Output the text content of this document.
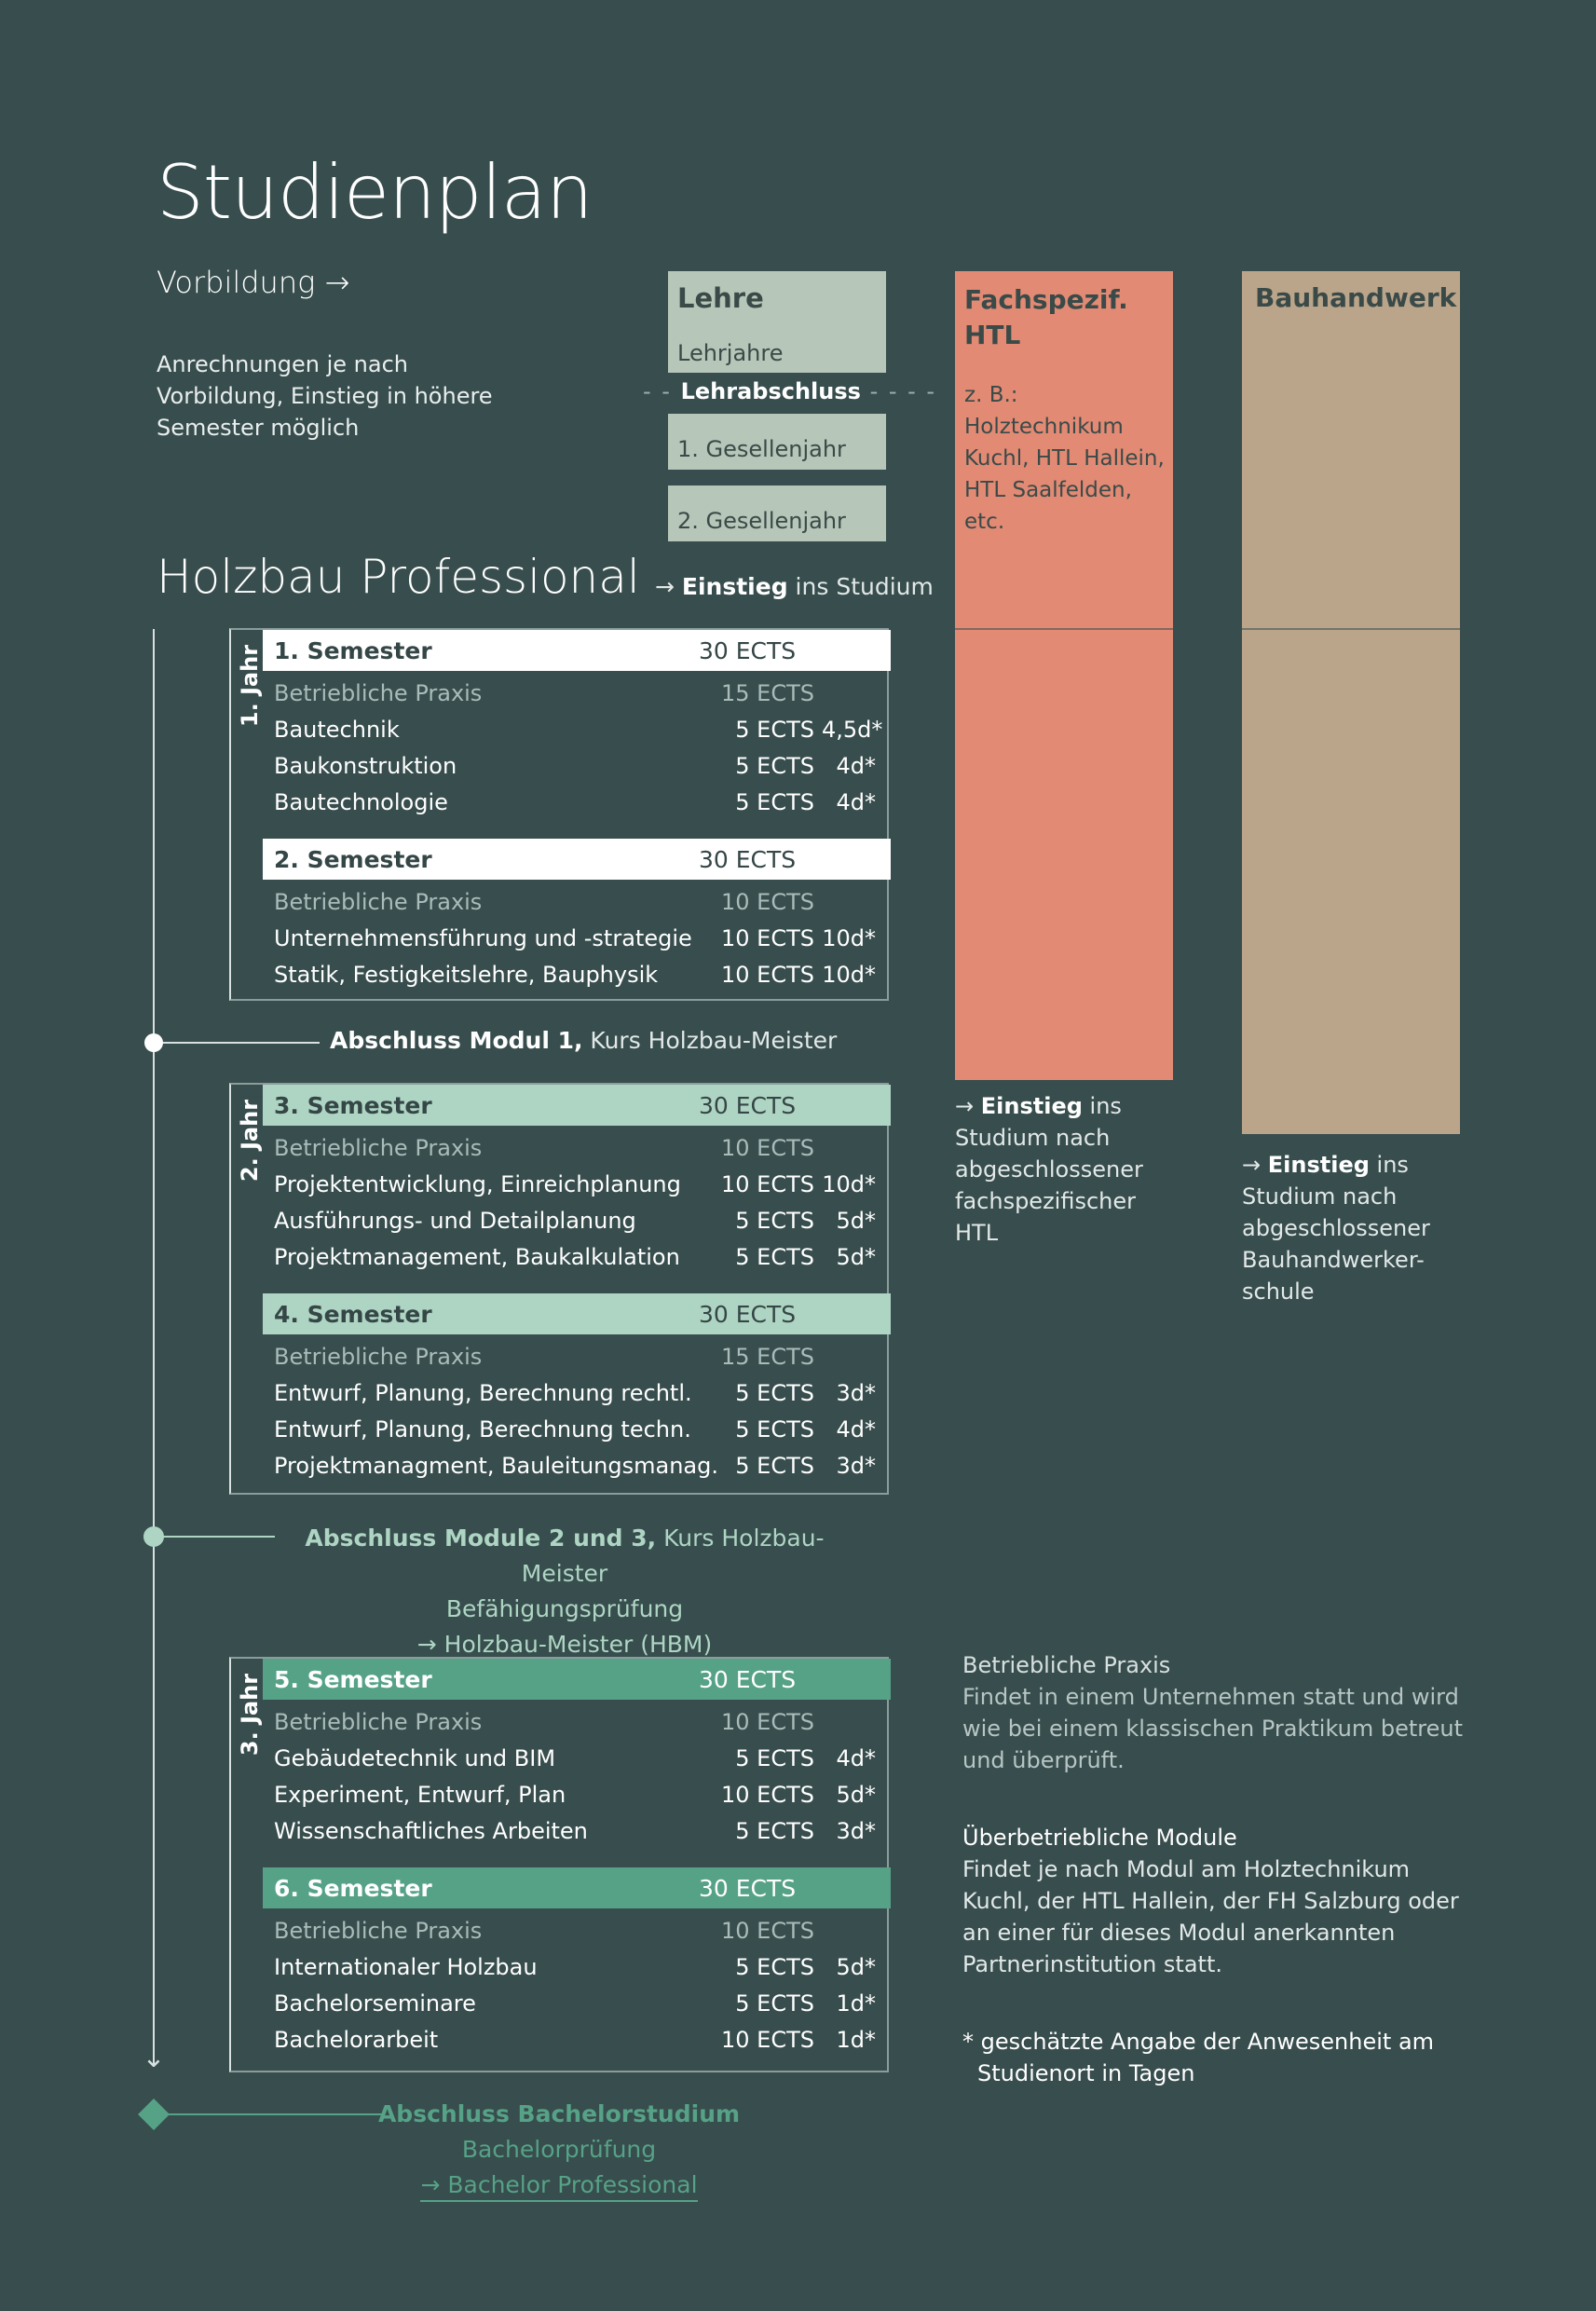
Studienplan
Vorbildung →
Anrechnungen je nach Vorbildung, Einstieg in höhere Semester möglich
Lehre
Lehrjahre
- - Lehrabschluss - - - -
1. Gesellenjahr
2. Gesellenjahr
Fachspezif.
HTL
z. B.: Holztechnikum Kuchl, HTL Hallein, HTL Saalfelden, etc.
→ Einstieg ins Studium nach abgeschlossener fachspezifischer HTL
Bauhandwerk
→ Einstieg ins Studium nach abgeschlossener Bauhandwerker-schule
Holzbau Professional → Einstieg ins Studium
⌄
1. Jahr 1. Semester	30 ECTS
Betriebliche Praxis	15 ECTS
Bautechnik	5 ECTS 4,5d*
Baukonstruktion	5 ECTS 4d*
Bautechnologie	5 ECTS 4d*
2. Semester	30 ECTS
Betriebliche Praxis	10 ECTS
Unternehmensführung und -strategie	10 ECTS 10d*
Statik, Festigkeitslehre, Bauphysik	10 ECTS 10d*
Abschluss Modul 1, Kurs Holzbau-Meister
2. Jahr 3. Semester	30 ECTS
Betriebliche Praxis	10 ECTS
Projektentwicklung, Einreichplanung	10 ECTS 10d*
Ausführungs- und Detailplanung	5 ECTS 5d*
Projektmanagement, Baukalkulation	5 ECTS 5d*
4. Semester	30 ECTS
Betriebliche Praxis	15 ECTS
Entwurf, Planung, Berechnung rechtl.	5 ECTS 3d*
Entwurf, Planung, Berechnung techn.	5 ECTS 4d*
Projektmanagment, Bauleitungsmanag. 5 ECTS 3d*
Abschluss Module 2 und 3, Kurs Holzbau-Meister
Befähigungsprüfung
→ Holzbau-Meister (HBM)
3. Jahr 5. Semester	30 ECTS
Betriebliche Praxis	10 ECTS
Gebäudetechnik und BIM	5 ECTS 4d*
Experiment, Entwurf, Plan	10 ECTS 5d*
Wissenschaftliches Arbeiten	5 ECTS 3d*
6. Semester	30 ECTS
Betriebliche Praxis	10 ECTS
Internationaler Holzbau	5 ECTS 5d*
Bachelorseminare	5 ECTS 1d*
Bachelorarbeit	10 ECTS 1d*
Abschluss Bachelorstudium
Bachelorprüfung
→ Bachelor Professional
Betriebliche Praxis
Findet in einem Unternehmen statt und wird wie bei einem klassischen Praktikum betreut und überprüft.
Überbetriebliche Module
Findet je nach Modul am Holztechnikum Kuchl, der HTL Hallein, der FH Salzburg oder an einer für dieses Modul anerkannten Partnerinstitution statt.
* geschätzte Angabe der Anwesenheit am
Studienort in Tagen
